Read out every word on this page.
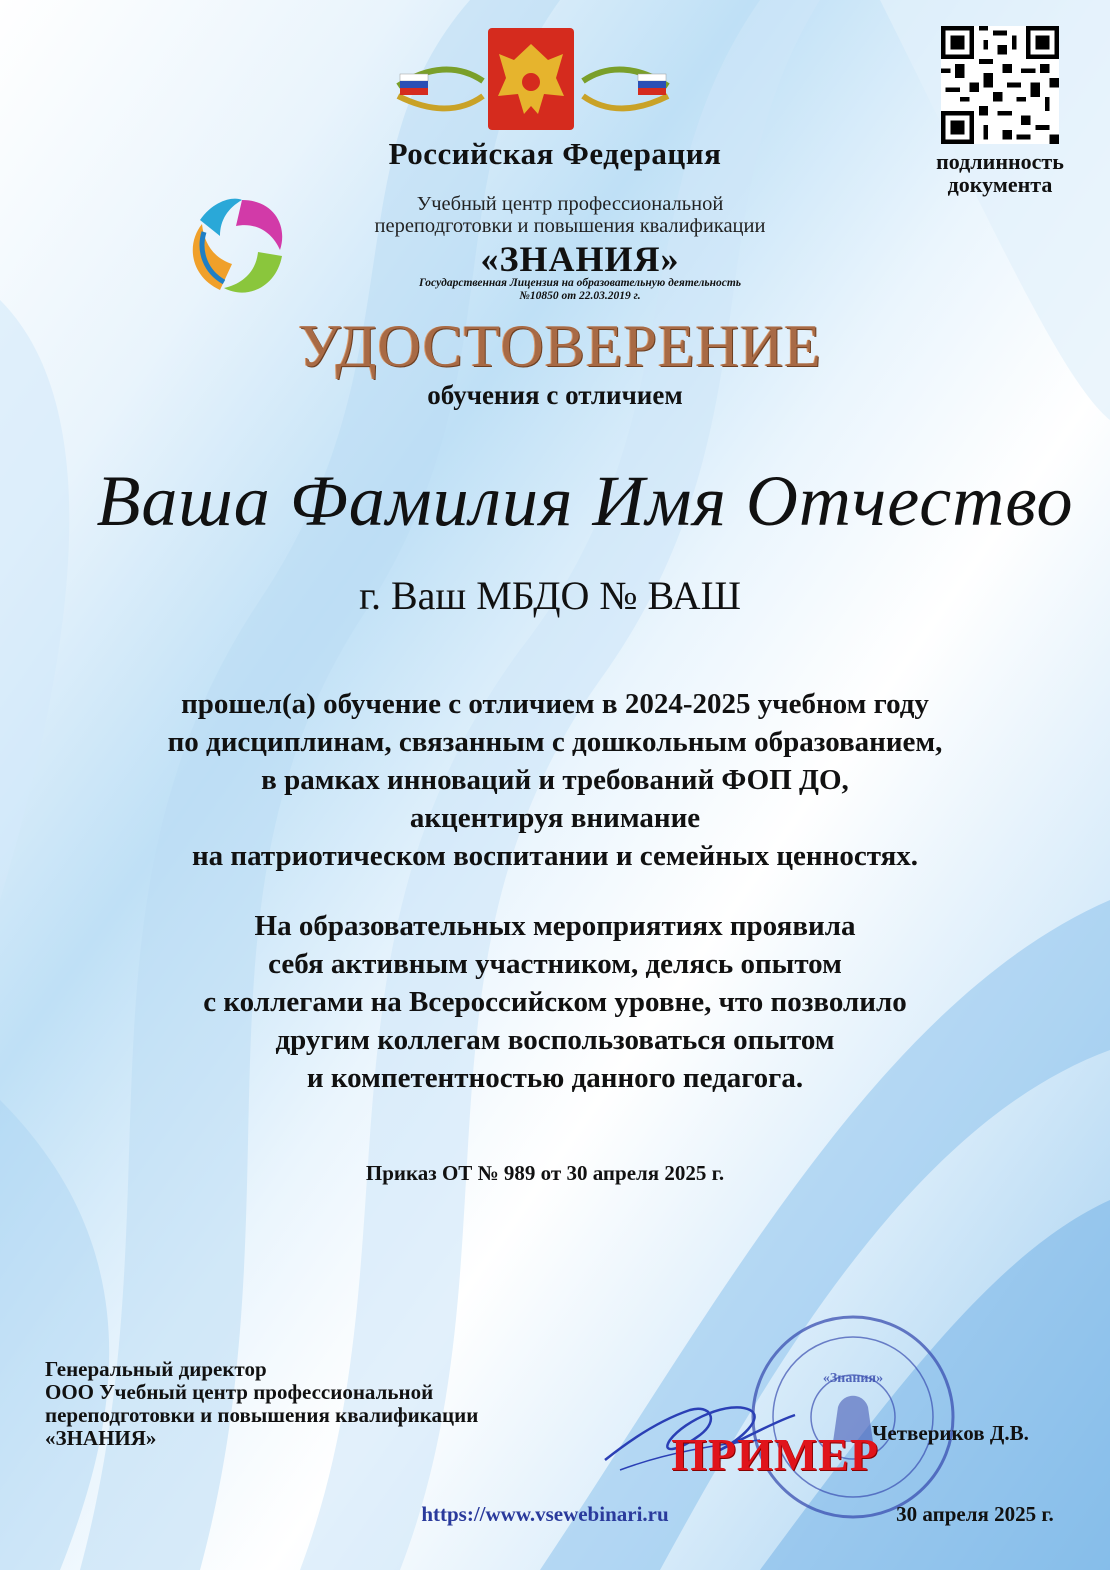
подлинность документа
Российская Федерация
Учебный центр профессиональной
переподготовки и повышения квалификации
«ЗНАНИЯ»
Государственная Лицензия на образовательную деятельность
№10850 от 22.03.2019 г.
УДОСТОВЕРЕНИЕ
обучения с отличием
Ваша Фамилия Имя Отчество
г. Ваш МБДО № ВАШ
прошел(а) обучение с отличием в 2024-2025 учебном году
по дисциплинам, связанным с дошкольным образованием,
в рамках инноваций и требований ФОП ДО,
акцентируя внимание
на патриотическом воспитании и семейных ценностях.
На образовательных мероприятиях проявила
себя активным участником, делясь опытом
с коллегами на Всероссийском уровне, что позволило
другим коллегам воспользоваться опытом
и компетентностью данного педагога.
Приказ ОТ № 989 от 30 апреля 2025 г.
Генеральный директор
ООО Учебный центр профессиональной
переподготовки и повышения квалификации
«ЗНАНИЯ»
«Знания»
ПРИМЕР
Четвериков Д.В.
https://www.vsewebinari.ru	30 апреля 2025 г.
